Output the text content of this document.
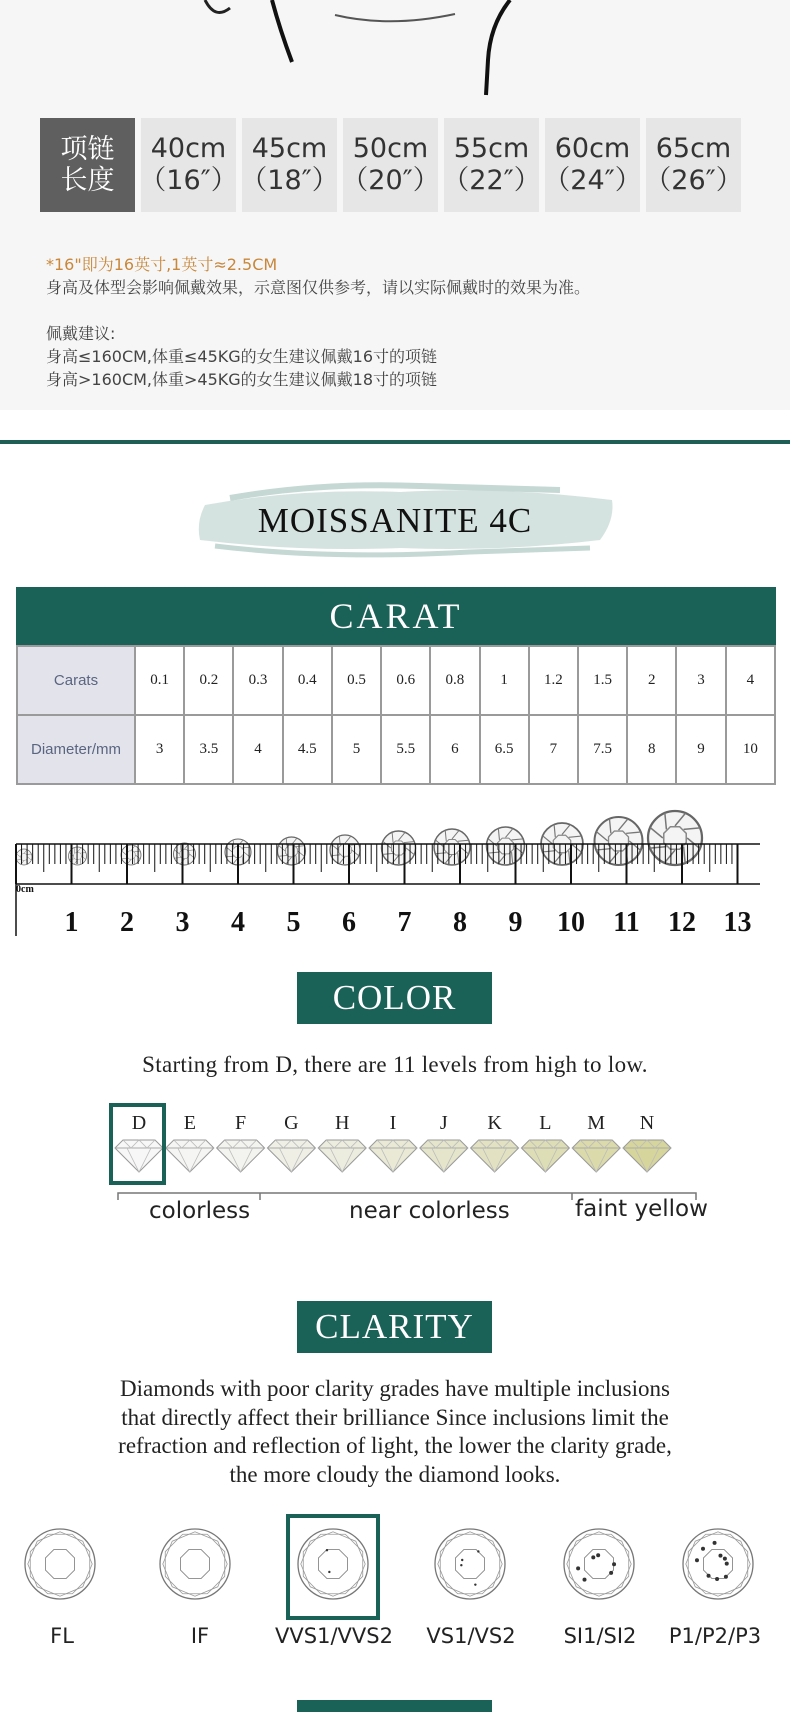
项链
长度
40cm
（16″）
45cm
（18″）
50cm
（20″）
55cm
（22″）
60cm
（24″）
65cm
（26″）
*16"即为16英寸,1英寸≈2.5CM
身高及体型会影响佩戴效果，示意图仅供参考，请以实际佩戴时的效果为准。
佩戴建议:
身高≤160CM,体重≤45KG的女生建议佩戴16寸的项链
身高>160CM,体重>45KG的女生建议佩戴18寸的项链
MOISSANITE 4C
CARAT
Carats	0.1	0.2	0.3	0.4	0.5	0.6	0.8	1	1.2	1.5	2	3	4
Diameter/mm	3	3.5	4	4.5	5	5.5	6	6.5	7	7.5	8	9	10
0cm
1 2 3 4 5 6 7 8 9 10 11 12 13
COLOR
Starting from D, there are 11 levels from high to low.
D	E	F	G	H	I	J	K	L	M	N
colorless	near colorless	faint yellow
CLARITY
Diamonds with poor clarity grades have multiple inclusions
that directly affect their brilliance Since inclusions limit the
refraction and reflection of light, the lower the clarity grade,
the more cloudy the diamond looks.
FL	IF	VVS1/VVS2	VS1/VS2	SI1/SI2	P1/P2/P3
